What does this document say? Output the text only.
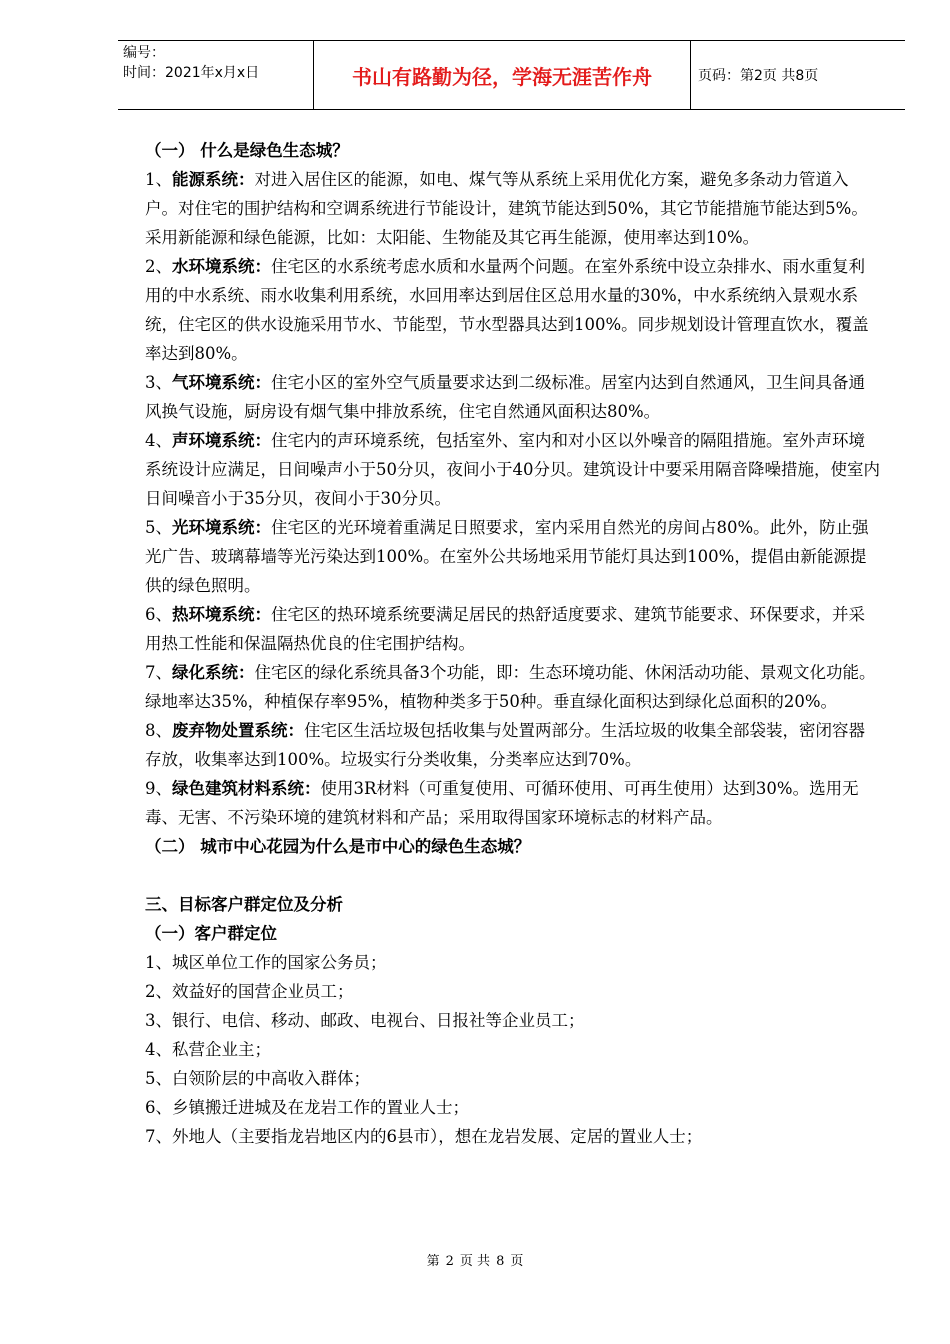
编号：
时间：2021年x月x日	书山有路勤为径，学海无涯苦作舟	页码：第2页 共8页

（一） 什么是绿色生态城？

1、能源系统：对进入居住区的能源，如电、煤气等从系统上采用优化方案，避免多条动力管道入户。对住宅的围护结构和空调系统进行节能设计，建筑节能达到50%，其它节能措施节能达到5%。采用新能源和绿色能源，比如：太阳能、生物能及其它再生能源，使用率达到10%。

2、水环境系统：住宅区的水系统考虑水质和水量两个问题。在室外系统中设立杂排水、雨水重复利用的中水系统、雨水收集利用系统，水回用率达到居住区总用水量的30%，中水系统纳入景观水系统，住宅区的供水设施采用节水、节能型，节水型器具达到100%。同步规划设计管理直饮水，覆盖率达到80%。

3、气环境系统：住宅小区的室外空气质量要求达到二级标准。居室内达到自然通风，卫生间具备通风换气设施，厨房设有烟气集中排放系统，住宅自然通风面积达80%。

4、声环境系统：住宅内的声环境系统，包括室外、室内和对小区以外噪音的隔阻措施。室外声环境系统设计应满足，日间噪声小于50分贝，夜间小于40分贝。建筑设计中要采用隔音降噪措施，使室内日间噪音小于35分贝，夜间小于30分贝。

5、光环境系统：住宅区的光环境着重满足日照要求，室内采用自然光的房间占80%。此外，防止强光广告、玻璃幕墙等光污染达到100%。在室外公共场地采用节能灯具达到100%，提倡由新能源提供的绿色照明。

6、热环境系统：住宅区的热环境系统要满足居民的热舒适度要求、建筑节能要求、环保要求，并采用热工性能和保温隔热优良的住宅围护结构。

7、绿化系统：住宅区的绿化系统具备3个功能，即：生态环境功能、休闲活动功能、景观文化功能。绿地率达35%，种植保存率95%，植物种类多于50种。垂直绿化面积达到绿化总面积的20%。

8、废弃物处置系统：住宅区生活垃圾包括收集与处置两部分。生活垃圾的收集全部袋装，密闭容器存放，收集率达到100%。垃圾实行分类收集，分类率应达到70%。

9、绿色建筑材料系统：使用3R材料（可重复使用、可循环使用、可再生使用）达到30%。选用无毒、无害、不污染环境的建筑材料和产品；采用取得国家环境标志的材料产品。

（二） 城市中心花园为什么是市中心的绿色生态城？

三、目标客户群定位及分析

（一）客户群定位

1、城区单位工作的国家公务员；

2、效益好的国营企业员工；

3、银行、电信、移动、邮政、电视台、日报社等企业员工；

4、私营企业主；

5、白领阶层的中高收入群体；

6、乡镇搬迁进城及在龙岩工作的置业人士；

7、外地人（主要指龙岩地区内的6县市），想在龙岩发展、定居的置业人士；

第 2 页 共 8 页
